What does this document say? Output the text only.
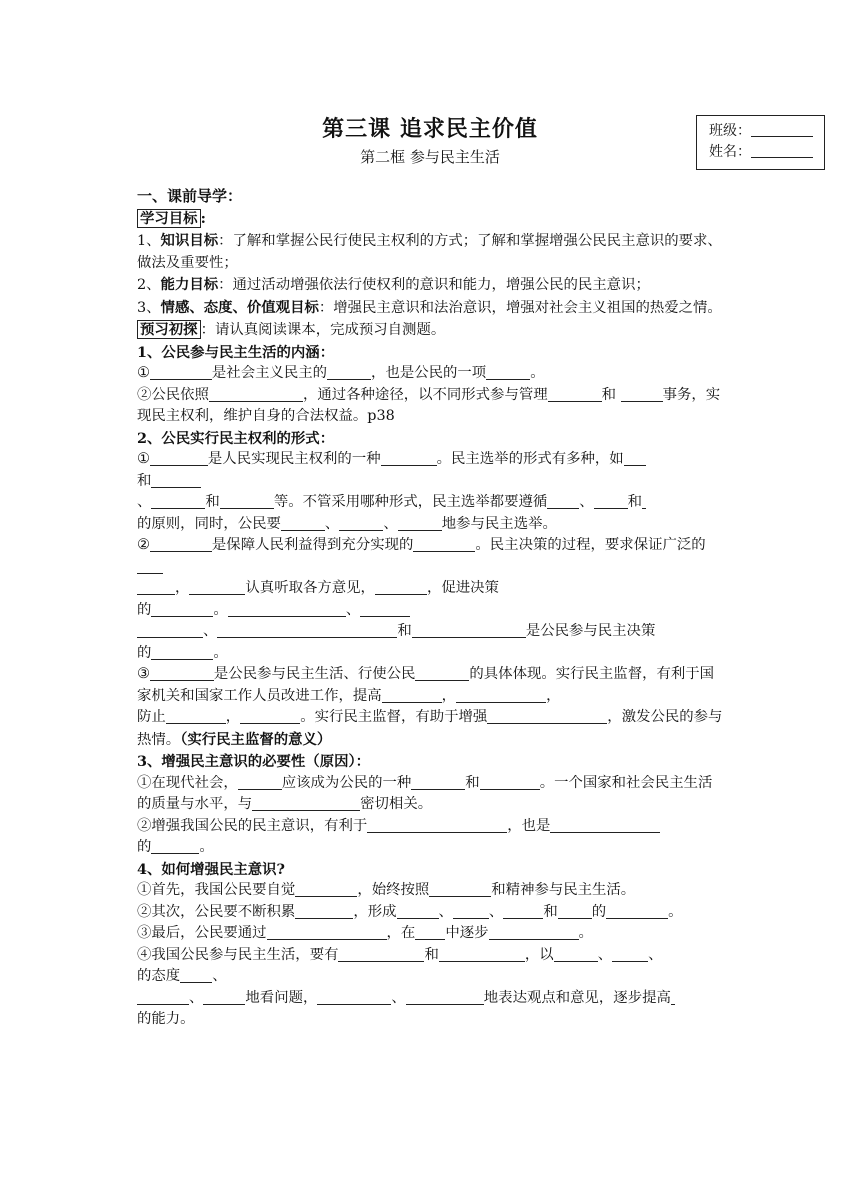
第三课 追求民主价值
第二框 参与民主生活
班级：
姓名：

一、课前导学：

学习目标 :

1、知识目标：了解和掌握公民行使民主权利的方式；了解和掌握增强公民民主意识的要求、做法及重要性；

2、能力目标：通过活动增强依法行使权利的意识和能力，增强公民的民主意识；

3、情感、态度、价值观目标：增强民主意识和法治意识，增强对社会主义祖国的热爱之情。

预习初探 ：请认真阅读课本，完成预习自测题。

1、公民参与民主生活的内涵：

①	是社会主义民主的	，也是公民的一项	。

②公民依照	，通过各种途径，以不同形式参与管理	和	事务，实现民主权利，维护自身的合法权益。p38

2、公民实行民主权利的形式：

①	是人民实现民主权利的一种	。民主选举的形式有多种，如

和

、	和	等。不管采用哪种形式，民主选举都要遵循 、 和

的原则，同时，公民要	、	、	地参与民主选举。

②	是保障人民利益得到充分实现的	。民主决策的过程，要求保证广泛的

，	认真听取各方意见，	，促进决策

的	。	、

、	和	是公民参与民主决策

的	。

③	是公民参与民主生活、行使公民	的具体体现。实行民主监督，有利于国家机关和国家工作人员改进工作，提高	，	，

防止	，	。实行民主监督，有助于增强	，激发公民的参与热情。（实行民主监督的意义）

3、增强民主意识的必要性（原因）：

①在现代社会，	应该成为公民的一种	和	。一个国家和社会民主生活的质量与水平，与	密切相关。

②增强我国公民的民主意识，有利于	，也是

的	。

4、如何增强民主意识?

①首先，我国公民要自觉	，始终按照	和精神参与民主生活。

②其次，公民要不断积累	，形成	、	、	和 的	。

③最后，公民要通过	，在 中逐步	。

④我国公民参与民主生活，要有	和	，以	、	、

的态度 、

、	地看问题，	、	地表达观点和意见，逐步提高

的能力。
